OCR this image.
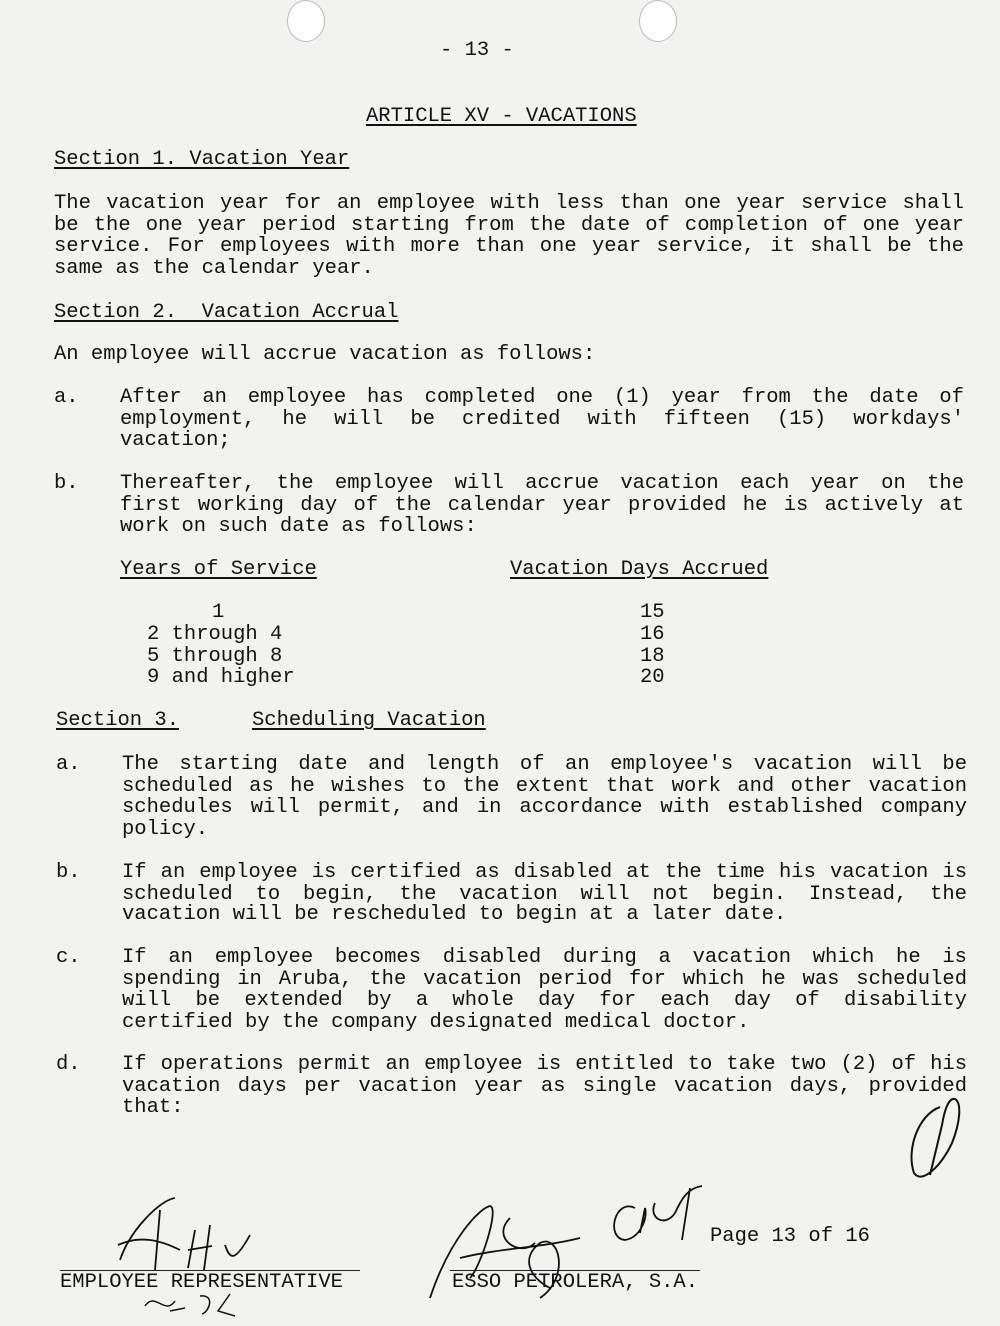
- 13 -
ARTICLE XV - VACATIONS
Section 1. Vacation Year
The vacation year for an employee with less than one year service shall
be the one year period starting from the date of completion of one year
service. For employees with more than one year service, it shall be the
same as the calendar year.
Section 2.  Vacation Accrual
An employee will accrue vacation as follows:
a. After an employee has completed one (1) year from the date of
employment, he will be credited with fifteen (15) workdays'
vacation;
b. Thereafter, the employee will accrue vacation each year on the
first working day of the calendar year provided he is actively at
work on such date as follows:
Years of Service	Vacation Days Accrued
1	15
2 through 4	16
5 through 8	18
9 and higher	20
Section 3.	Scheduling Vacation
a. The starting date and length of an employee's vacation will be
scheduled as he wishes to the extent that work and other vacation
schedules will permit, and in accordance with established company
policy.
b. If an employee is certified as disabled at the time his vacation is
scheduled to begin, the vacation will not begin. Instead, the
vacation will be rescheduled to begin at a later date.
c. If an employee becomes disabled during a vacation which he is
spending in Aruba, the vacation period for which he was scheduled
will be extended by a whole day for each day of disability
certified by the company designated medical doctor.
d. If operations permit an employee is entitled to take two (2) of his
vacation days per vacation year as single vacation days, provided
that:
EMPLOYEE REPRESENTATIVE	ESSO PETROLERA, S.A.
Page 13 of 16
